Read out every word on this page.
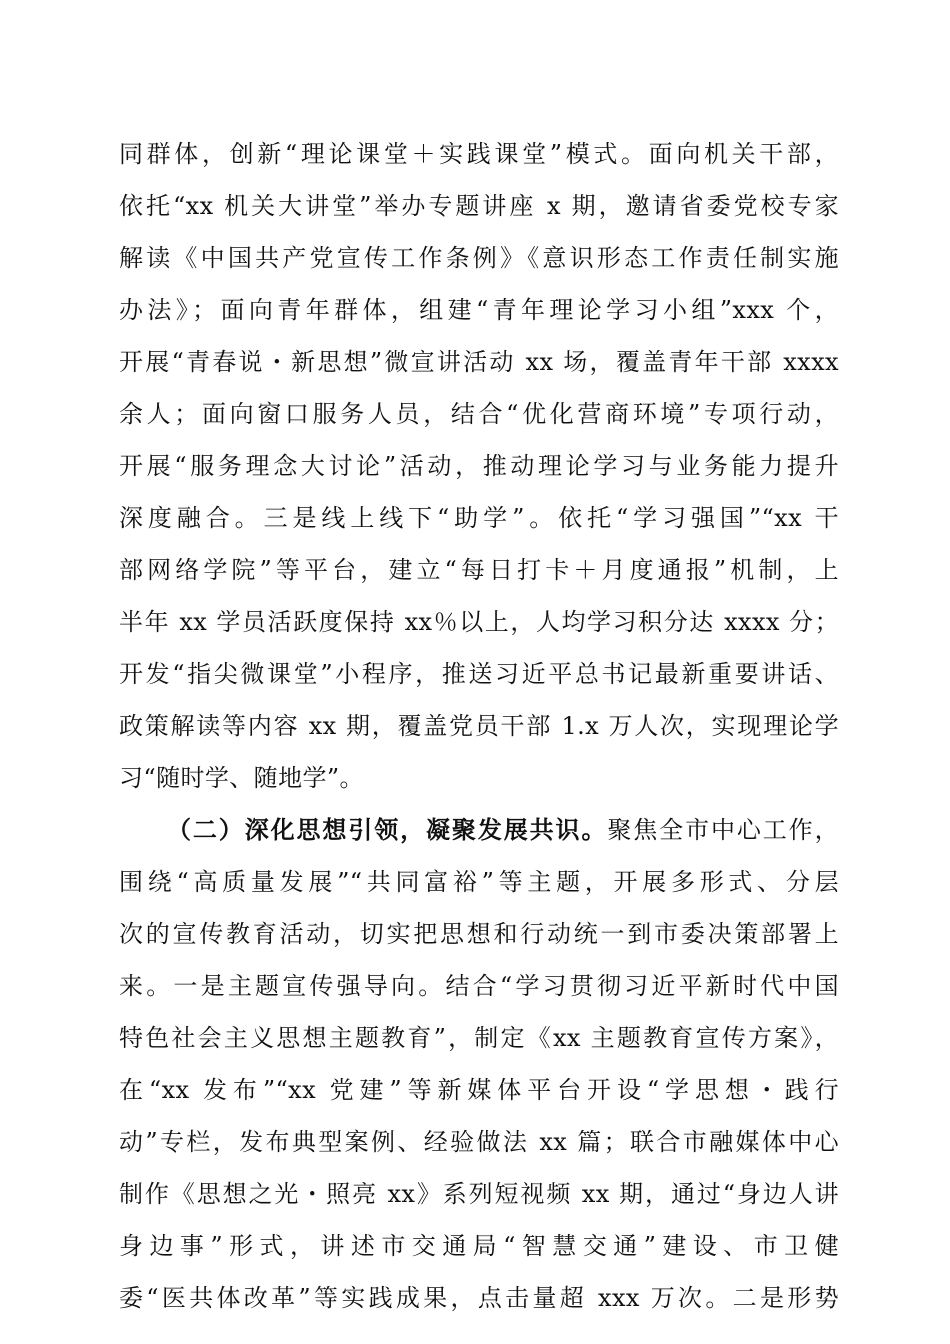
同群体，创新“理论课堂＋实践课堂”模式。面向机关干部，
依托“xx 机关大讲堂”举办专题讲座 x 期，邀请省委党校专家
解读《中国共产党宣传工作条例》《意识形态工作责任制实施
办法》；面向青年群体，组建“青年理论学习小组”xxx 个，
开展“青春说・新思想”微宣讲活动 xx 场，覆盖青年干部 xxxx
余人；面向窗口服务人员，结合“优化营商环境”专项行动，
开展“服务理念大讨论”活动，推动理论学习与业务能力提升
深度融合。三是线上线下“助学”。依托“学习强国”“xx 干
部网络学院”等平台，建立“每日打卡＋月度通报”机制，上
半年 xx 学员活跃度保持 xx％以上，人均学习积分达 xxxx 分；
开发“指尖微课堂”小程序，推送习近平总书记最新重要讲话、
政策解读等内容 xx 期，覆盖党员干部 1.x 万人次，实现理论学
习“随时学、随地学”。
（二）深化思想引领，凝聚发展共识。聚焦全市中心工作，
围绕“高质量发展”“共同富裕”等主题，开展多形式、分层
次的宣传教育活动，切实把思想和行动统一到市委决策部署上
来。一是主题宣传强导向。结合“学习贯彻习近平新时代中国
特色社会主义思想主题教育”，制定《xx 主题教育宣传方案》，
在“xx 发布”“xx 党建”等新媒体平台开设“学思想・践行
动”专栏，发布典型案例、经验做法 xx 篇；联合市融媒体中心
制作《思想之光・照亮 xx》系列短视频 xx 期，通过“身边人讲
身边事”形式，讲述市交通局“智慧交通”建设、市卫健
委“医共体改革”等实践成果，点击量超 xxx 万次。二是形势
